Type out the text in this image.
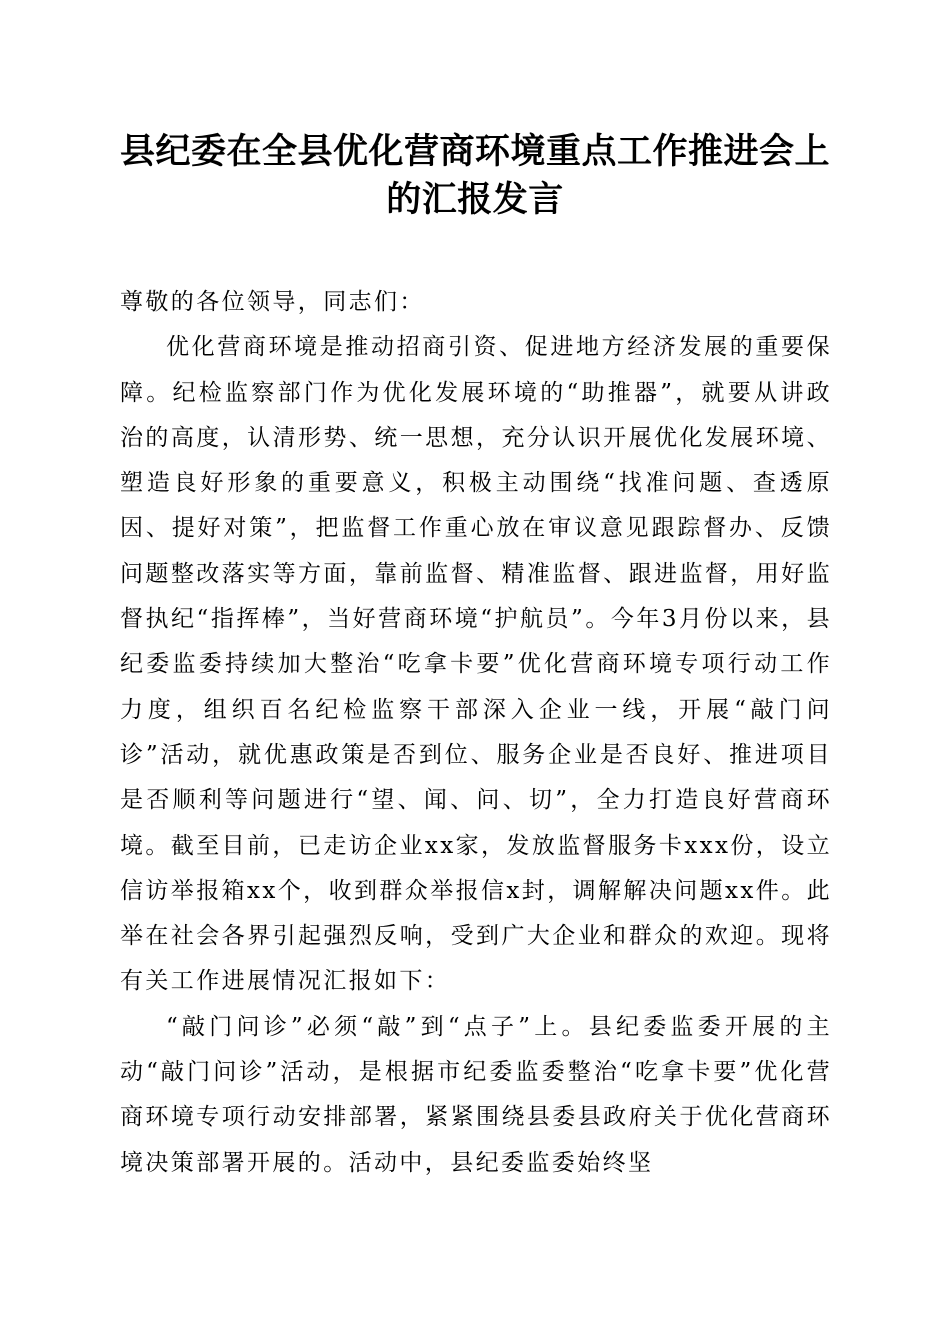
县纪委在全县优化营商环境重点工作推进会上
的汇报发言

尊敬的各位领导，同志们：

优化营商环境是推动招商引资、促进地方经济发展的重要保障。纪检监察部门作为优化发展环境的“助推器”，就要从讲政治的高度，认清形势、统一思想，充分认识开展优化发展环境、塑造良好形象的重要意义，积极主动围绕“找准问题、查透原因、提好对策”，把监督工作重心放在审议意见跟踪督办、反馈问题整改落实等方面，靠前监督、精准监督、跟进监督，用好监督执纪“指挥棒”，当好营商环境“护航员”。今年3月份以来，县纪委监委持续加大整治“吃拿卡要”优化营商环境专项行动工作力度，组织百名纪检监察干部深入企业一线，开展“敲门问诊”活动，就优惠政策是否到位、服务企业是否良好、推进项目是否顺利等问题进行“望、闻、问、切”，全力打造良好营商环境。截至目前，已走访企业xx家，发放监督服务卡xxx份，设立信访举报箱xx个，收到群众举报信x封，调解解决问题xx件。此举在社会各界引起强烈反响，受到广大企业和群众的欢迎。现将有关工作进展情况汇报如下：

“敲门问诊”必须“敲”到“点子”上。县纪委监委开展的主动“敲门问诊”活动，是根据市纪委监委整治“吃拿卡要”优化营商环境专项行动安排部署，紧紧围绕县委县政府关于优化营商环境决策部署开展的。活动中，县纪委监委始终坚
